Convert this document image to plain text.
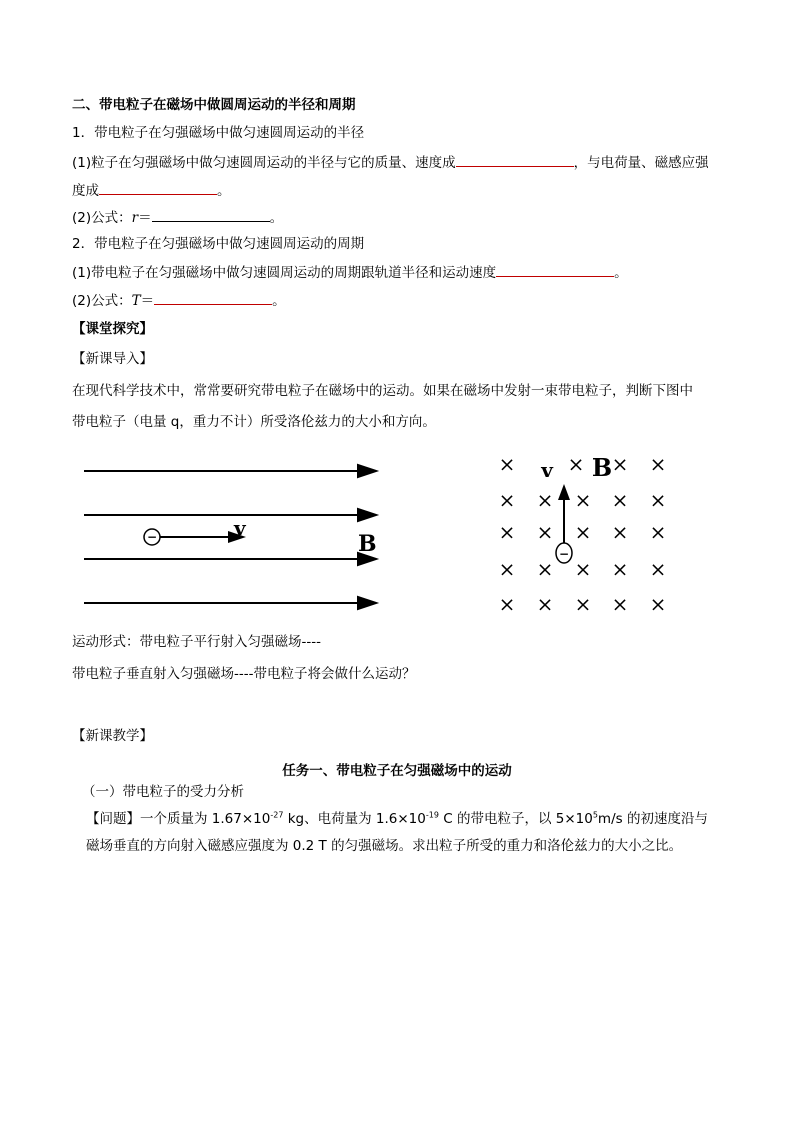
二、带电粒子在磁场中做圆周运动的半径和周期
1．带电粒子在匀强磁场中做匀速圆周运动的半径
(1)粒子在匀强磁场中做匀速圆周运动的半径与它的质量、速度成	，与电荷量、磁感应强
度成	。
(2)公式：r＝	。
2．带电粒子在匀强磁场中做匀速圆周运动的周期
(1)带电粒子在匀强磁场中做匀速圆周运动的周期跟轨道半径和运动速度	。
(2)公式：T＝	。
【课堂探究】
【新课导入】
在现代科学技术中，常常要研究带电粒子在磁场中的运动。如果在磁场中发射一束带电粒子，判断下图中
带电粒子（电量 q，重力不计）所受洛伦兹力的大小和方向。
−	v
B
×	× × ×
× × × × ×
× × × × ×
× × × × ×
× × × × ×
v B
−
运动形式：带电粒子平行射入匀强磁场----
带电粒子垂直射入匀强磁场----带电粒子将会做什么运动？
【新课教学】
任务一、带电粒子在匀强磁场中的运动
（一）带电粒子的受力分析
【问题】一个质量为 $1.67\times 10^{-27}$ kg、电荷量为 $1.6\times 10^{-19}$ C 的带电粒子，以 $5\times 10^5m/s$ 的初速度沿与
磁场垂直的方向射入磁感应强度为 0.2 T 的匀强磁场。求出粒子所受的重力和洛伦兹力的大小之比。
